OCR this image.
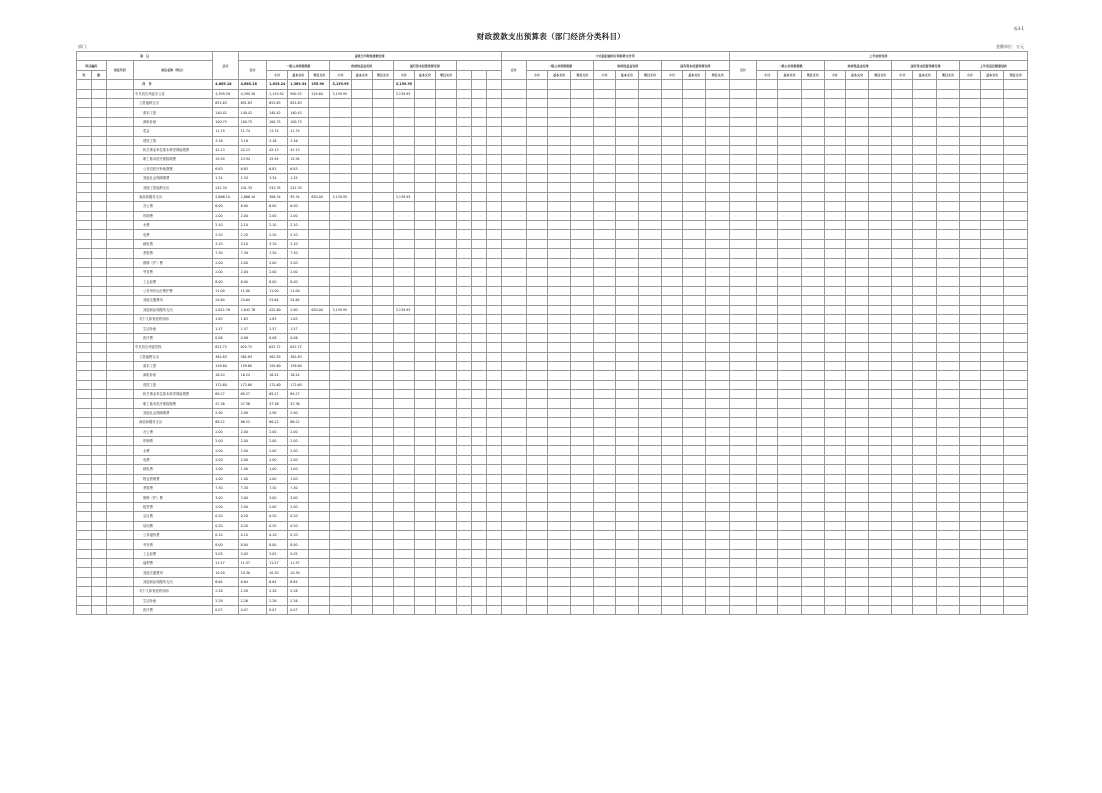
表3-1
财政拨款支出预算表（部门经济分类科目）
部门：	金额单位：万元
项　目				总计	省级当年财政拨款安排													中央提前通知专项转移支付等										上年结转安排												
科目编码		单位代码	单位名称（科目）		合计	一般公共预算拨款			政府性基金安排			国有资本经营预算安排						合计	一般公共预算拨款			政府性基金安排			国有资本经营预算安排			合计	一般公共预算拨款			政府性基金安排			国有资本经营预算安排			上年应返还额度结转		
类	款					小计	基本支出	项目支出	小计	基本支出	项目支出	小计	基本支出	项目支出					小计	基本支出	项目支出	小计	基本支出	项目支出	小计	基本支出	项目支出		小计	基本支出	项目支出	小计	基本支出	项目支出	小计	基本支出	项目支出	小计	基本支出	项目支出
			合　计	4,665.18	4,665.18	1,625.24	1,369.34	255.90	3,139.95			3,139.95																												
			中共昌吉州委办公室	4,399.28	4,399.28	1,129.92	900.32	229.60	3,139.95			3,139.95																												
			工资福利支出	651.63	651.63	651.63	651.63																																	
			基本工资	140.42	140.42	140.42	140.42																																	
			津贴补贴	100.75	100.75	100.75	100.75																																	
			奖金	11.74	11.74	11.74	11.74																																	
			绩效工资	3.16	3.16	3.16	3.16																																	
			机关事业单位基本养老保险缴费	42.13	42.13	42.13	42.13																																	
			职工基本医疗保险缴费	15.94	15.94	15.94	15.94																																	
			公务员医疗补助缴费	6.83	6.83	6.83	6.83																																	
			其他社会保障缴费	1.34	1.34	1.34	1.34																																	
			其他工资福利支出	241.35	241.35	241.35	241.35																																	
			商品和服务支出	2,666.10	2,666.10	306.34	95.34	630.00	3,139.95			3,139.95																												
			办公费	6.00	6.00	6.00	6.00																																	
			印刷费	2.00	2.00	2.00	2.00																																	
			水费	2.10	2.10	2.10	2.10																																	
			电费	2.20	2.20	2.20	2.20																																	
			邮电费	3.10	3.10	3.10	3.10																																	
			差旅费	7.30	7.30	7.30	7.30																																	
			维修（护）费	2.00	2.00	2.00	2.00																																	
			劳务费	2.00	2.00	2.00	2.00																																	
			工会经费	8.00	8.00	8.00	8.00																																	
			公务用车运行维护费	11.00	11.00	11.00	11.00																																	
			其他交通费用	24.64	24.64	24.64	24.64																																	
			其他商品和服务支出	2,842.76	2,842.76	422.60	2.60	630.00	3,139.95			3,139.95																												
			对个人和家庭的补助	1.63	1.63	1.63	1.63																																	
			生活补助	1.57	1.57	1.57	1.57																																	
			医疗费	0.06	0.06	0.06	0.06																																	
			中共昌吉州委党校	622.72	622.72	622.72	622.72																																	
			工资福利支出	362.83	362.83	362.83	362.83																																	
			基本工资	159.60	159.60	159.60	159.60																																	
			津贴补贴	16.24	16.24	16.24	16.24																																	
			绩效工资	172.60	172.60	172.60	172.60																																	
			机关事业单位基本养老保险缴费	69.27	69.27	69.27	69.27																																	
			职工基本医疗保险缴费	47.36	47.36	47.36	47.36																																	
			其他社会保障缴费	2.90	2.90	2.90	2.90																																	
			商品和服务支出	86.22	86.22	86.22	86.22																																	
			办公费	2.00	2.00	2.00	2.00																																	
			印刷费	2.00	2.00	2.00	2.00																																	
			水费	2.00	2.00	2.00	2.00																																	
			电费	2.00	2.00	2.00	2.00																																	
			邮电费	1.00	1.00	1.00	1.00																																	
			物业管理费	1.00	1.00	1.00	1.00																																	
			差旅费	7.30	7.30	7.30	7.30																																	
			维修（护）费	3.00	3.00	3.00	3.00																																	
			租赁费	2.00	2.00	2.00	2.00																																	
			会议费	0.20	0.20	0.20	0.20																																	
			培训费	0.20	0.20	0.20	0.20																																	
			公务接待费	0.10	0.10	0.10	0.10																																	
			劳务费	8.00	8.00	8.00	8.00																																	
			工会经费	5.05	5.05	5.05	5.05																																	
			福利费	11.57	11.57	11.57	11.57																																	
			其他交通费用	10.30	10.30	10.30	10.30																																	
			其他商品和服务支出	6.64	6.64	6.64	6.64																																	
			对个人和家庭的补助	2.28	2.28	2.28	2.28																																	
			生活补助	2.26	2.26	2.26	2.26																																	
			医疗费	0.07	0.07	0.07	0.07																																	
